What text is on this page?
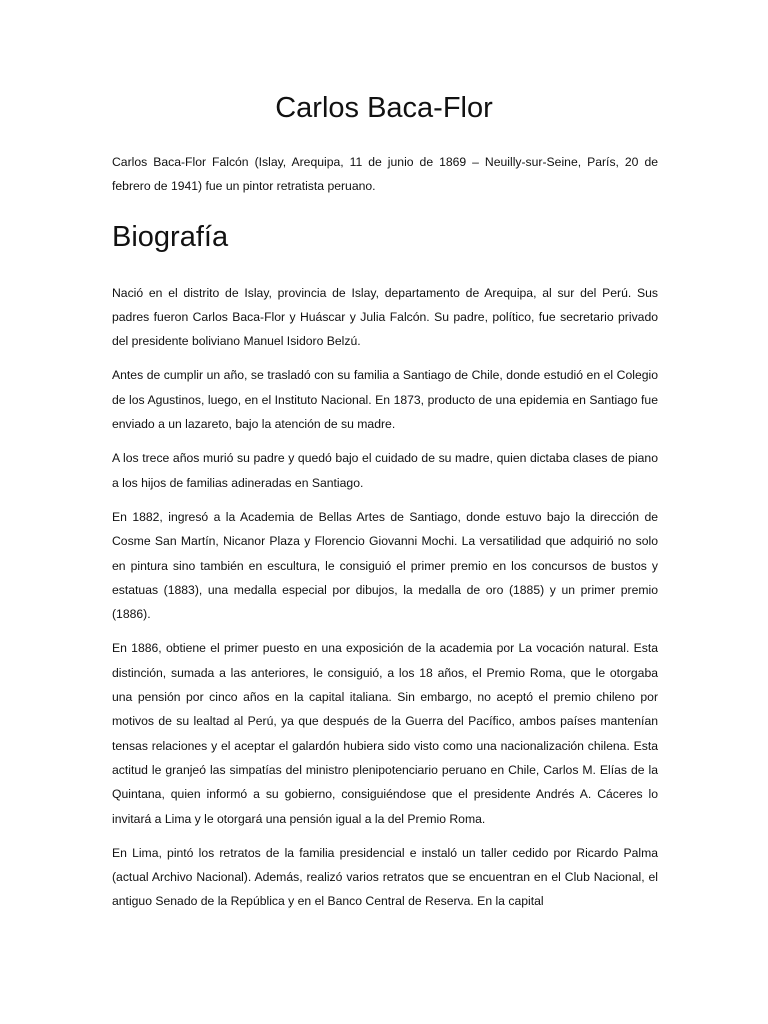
Carlos Baca-Flor

Carlos Baca-Flor Falcón (Islay, Arequipa, 11 de junio de 1869 – Neuilly-sur-Seine, París, 20 de febrero de 1941) fue un pintor retratista peruano.

Biografía

Nació en el distrito de Islay, provincia de Islay, departamento de Arequipa, al sur del Perú. Sus padres fueron Carlos Baca-Flor y Huáscar y Julia Falcón. Su padre, político, fue secretario privado del presidente boliviano Manuel Isidoro Belzú.

Antes de cumplir un año, se trasladó con su familia a Santiago de Chile, donde estudió en el Colegio de los Agustinos, luego, en el Instituto Nacional. En 1873, producto de una epidemia en Santiago fue enviado a un lazareto, bajo la atención de su madre.

A los trece años murió su padre y quedó bajo el cuidado de su madre, quien dictaba clases de piano a los hijos de familias adineradas en Santiago.

En 1882, ingresó a la Academia de Bellas Artes de Santiago, donde estuvo bajo la dirección de Cosme San Martín, Nicanor Plaza y Florencio Giovanni Mochi. La versatilidad que adquirió no solo en pintura sino también en escultura, le consiguió el primer premio en los concursos de bustos y estatuas (1883), una medalla especial por dibujos, la medalla de oro (1885) y un primer premio (1886).

En 1886, obtiene el primer puesto en una exposición de la academia por La vocación natural. Esta distinción, sumada a las anteriores, le consiguió, a los 18 años, el Premio Roma, que le otorgaba una pensión por cinco años en la capital italiana. Sin embargo, no aceptó el premio chileno por motivos de su lealtad al Perú, ya que después de la Guerra del Pacífico, ambos países mantenían tensas relaciones y el aceptar el galardón hubiera sido visto como una nacionalización chilena. Esta actitud le granjeó las simpatías del ministro plenipotenciario peruano en Chile, Carlos M. Elías de la Quintana, quien informó a su gobierno, consiguiéndose que el presidente Andrés A. Cáceres lo invitará a Lima y le otorgará una pensión igual a la del Premio Roma.

En Lima, pintó los retratos de la familia presidencial e instaló un taller cedido por Ricardo Palma (actual Archivo Nacional). Además, realizó varios retratos que se encuentran en el Club Nacional, el antiguo Senado de la República y en el Banco Central de Reserva. En la capital
